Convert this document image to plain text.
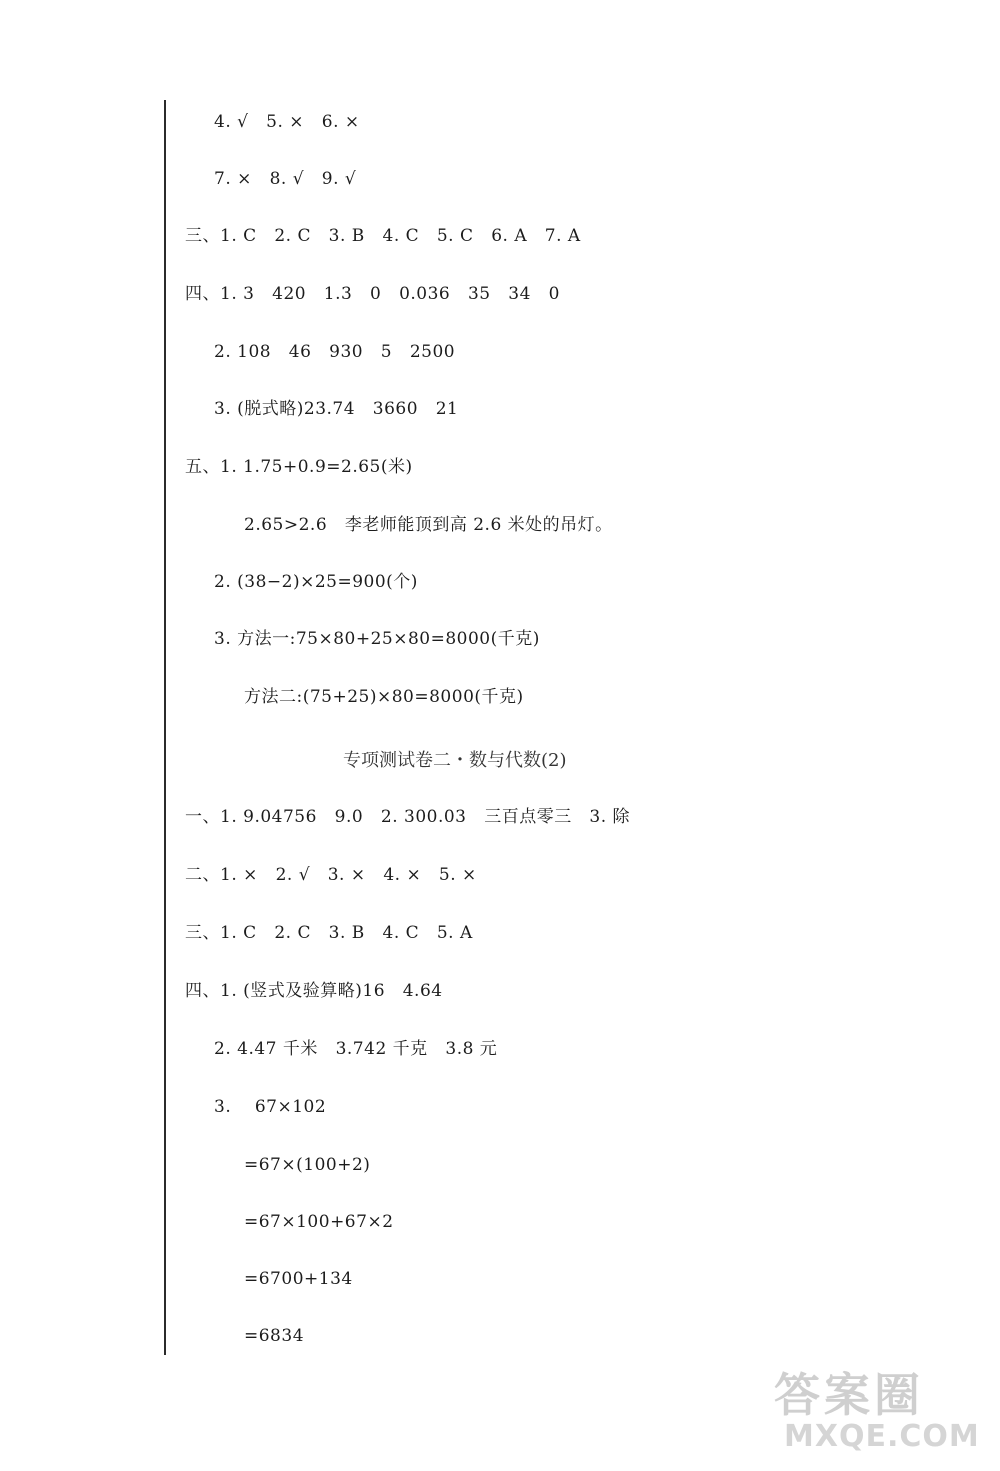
4. √   5. ×   6. ×
7. ×   8. √   9. √
三、1. C   2. C   3. B   4. C   5. C   6. A   7. A
四、1. 3   420   1.3   0   0.036   35   34   0
2. 108   46   930   5   2500
3. (脱式略)23.74   3660   21
五、1. 1.75+0.9=2.65(米)
2.65>2.6   李老师能顶到高 2.6 米处的吊灯。
2. (38−2)×25=900(个)
3. 方法一:75×80+25×80=8000(千克)
方法二:(75+25)×80=8000(千克)
专项测试卷二・数与代数(2)
一、1. 9.04756   9.0   2. 300.03   三百点零三   3. 除
二、1. ×   2. √   3. ×   4. ×   5. ×
三、1. C   2. C   3. B   4. C   5. A
四、1. (竖式及验算略)16   4.64
2. 4.47 千米   3.742 千克   3.8 元
3.    67×102
=67×(100+2)
=67×100+67×2
=6700+134
=6834
答案圈
MXQE.COM
